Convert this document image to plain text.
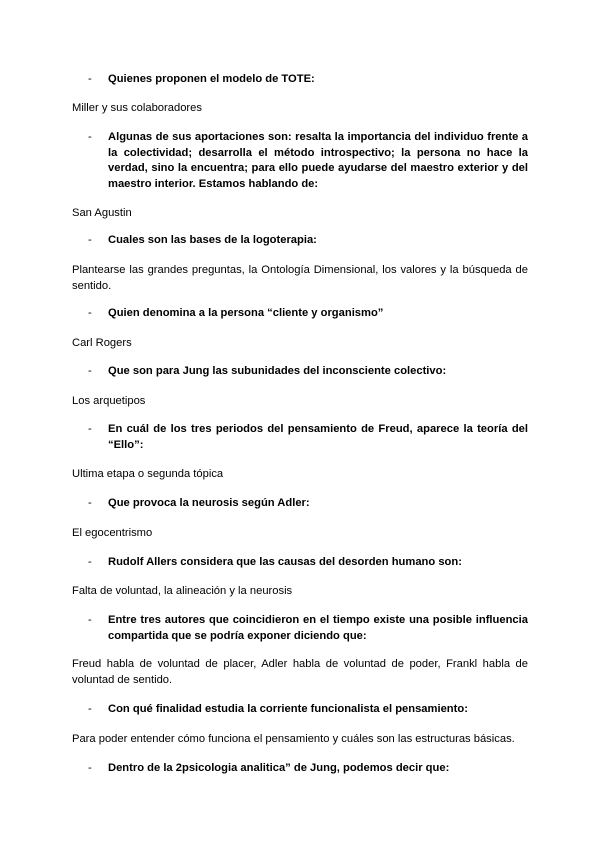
- Quienes proponen el modelo de TOTE:
Miller y sus colaboradores
- Algunas de sus aportaciones son: resalta la importancia del individuo frente a la colectividad; desarrolla el método introspectivo; la persona no hace la verdad, sino la encuentra; para ello puede ayudarse del maestro exterior y del maestro interior. Estamos hablando de:
San Agustin
- Cuales son las bases de la logoterapia:
Plantearse las grandes preguntas, la Ontología Dimensional, los valores y la búsqueda de sentido.
- Quien denomina a la persona “cliente y organismo”
Carl Rogers
- Que son para Jung las subunidades del inconsciente colectivo:
Los arquetipos
- En cuál de los tres periodos del pensamiento de Freud, aparece la teoría del “Ello”:
Ultima etapa o segunda tópica
- Que provoca la neurosis según Adler:
El egocentrismo
- Rudolf Allers considera que las causas del desorden humano son:
Falta de voluntad, la alineación y la neurosis
- Entre tres autores que coincidieron en el tiempo existe una posible influencia compartida que se podría exponer diciendo que:
Freud habla de voluntad de placer, Adler habla de voluntad de poder, Frankl habla de voluntad de sentido.
- Con qué finalidad estudia la corriente funcionalista el pensamiento:
Para poder entender cómo funciona el pensamiento y cuáles son las estructuras básicas.
- Dentro de la 2psicologia analitica” de Jung, podemos decir que:
